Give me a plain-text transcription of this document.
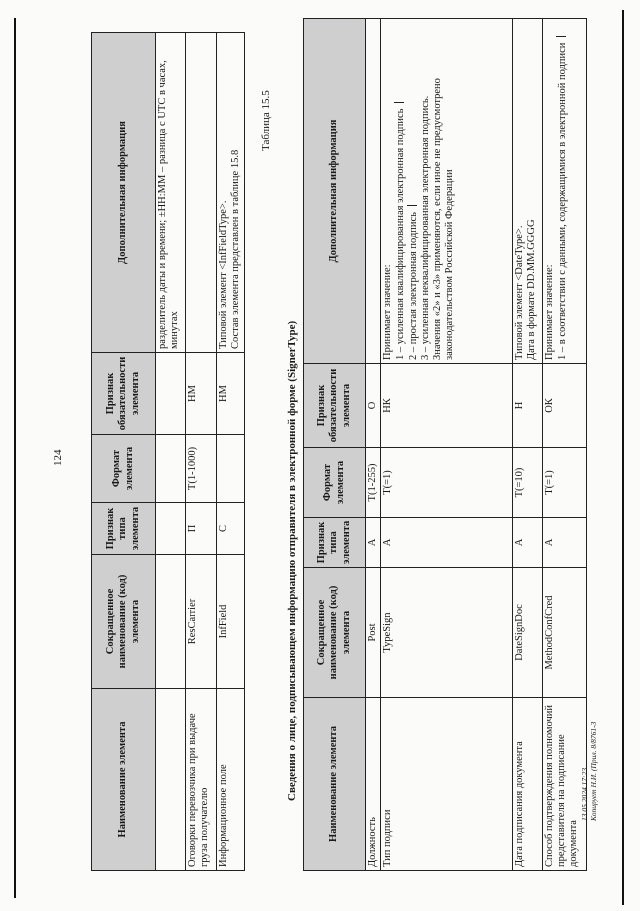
124
Наименование элемента	Сокращенное наименование (код) элемента	Признак типа элемента	Формат элемента	Признак обязательности элемента	Дополнительная информация
					разделитель даты и времени; ±HH:MM – разница с UTC в часах, минутах
Оговорки перевозчика при выдаче груза получателю	ResCarrier	П	T(1-1000)	НМ	
Информационное поле	InfField	С		НМ	Типовой элемент <InfFieldType>. Состав элемента представлен в таблице 15.8
Таблица 15.5
Сведения о лице, подписывающем информацию отправителя в электронной форме (SignerType)	Наименование элемента	Сокращенное наименование (код) элемента	Признак типа элемента	Формат элемента	Признак обязательности элемента	Дополнительная информация
Должность	Post	А	T(1-255)	О	
Тип подписи	TypeSign	А	T(=1)	НК	Принимает значение: 1 – усиленная квалифицированная электронная подпись 2 – простая электронная подпись 3 – усиленная неквалифицированная электронная подпись. Значения «2» и «3» применяются, если иное не предусмотрено законодательством Российской Федерации

Дата подписания документа	DateSignDoc	А	T(=10)	Н	Типовой элемент <DateType>. Дата в формате DD.MM.GGGG

Способ подтверждения полномочий представителя на подписание документа	MethodConfCred	А	T(=1)	ОК	Принимает значение: 1 – в соответствии с данными, содержащимися в электронной подписи
13.05.2024 17:23 Копирует Н.И. (Прил. 8/8761-3
